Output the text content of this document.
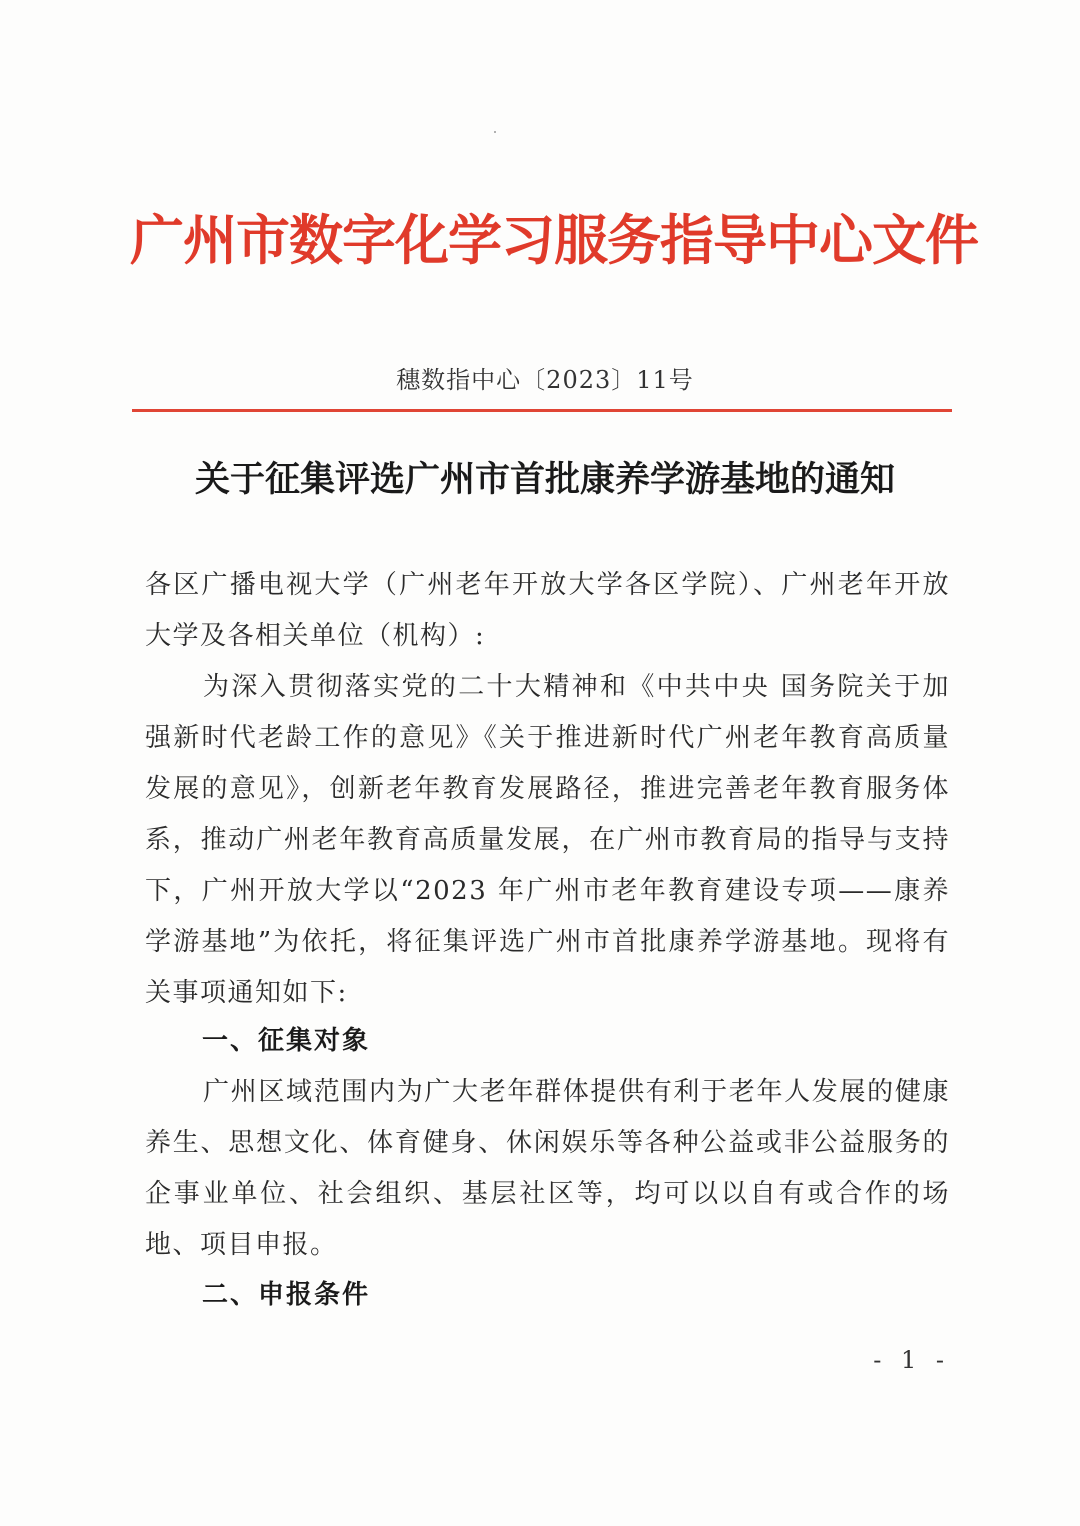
广州市数字化学习服务指导中心文件
穗数指中心〔2023〕11号
关于征集评选广州市首批康养学游基地的通知
各区广播电视大学（广州老年开放大学各区学院）、广州老年开放大学及各相关单位（机构）:
为深入贯彻落实党的二十大精神和《中共中央 国务院关于加强新时代老龄工作的意见》《关于推进新时代广州老年教育高质量发展的意见》，创新老年教育发展路径，推进完善老年教育服务体系，推动广州老年教育高质量发展，在广州市教育局的指导与支持下，广州开放大学以“2023 年广州市老年教育建设专项——康养学游基地”为依托，将征集评选广州市首批康养学游基地。现将有关事项通知如下:
一、征集对象
广州区域范围内为广大老年群体提供有利于老年人发展的健康养生、思想文化、体育健身、休闲娱乐等各种公益或非公益服务的企事业单位、社会组织、基层社区等，均可以以自有或合作的场地、项目申报。
二、申报条件
- 1 -
